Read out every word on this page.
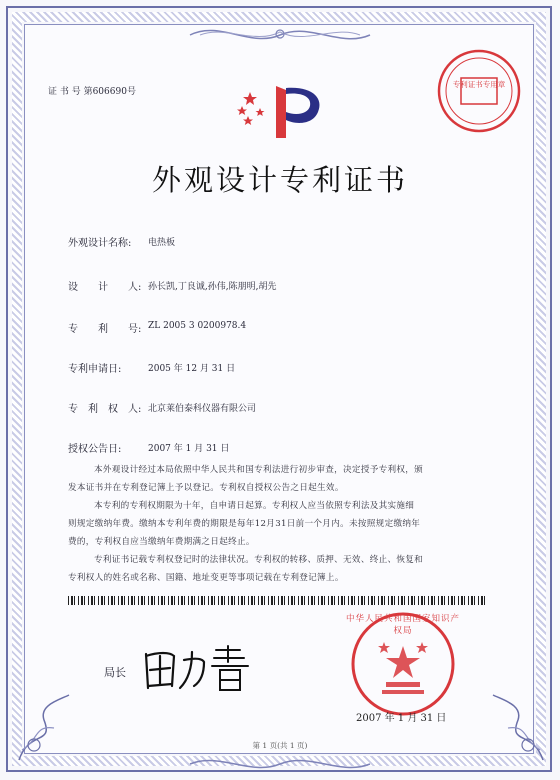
证 书 号 第606690号
专利证书专用章
外观设计专利证书
外观设计名称: 电热板
设　　计　　人: 孙长凯,丁良诚,孙伟,陈朋明,胡先
专　　利　　号: ZL 2005 3 0200978.4
专利申请日:	2005 年 12 月 31 日
专　利　权　人: 北京莱伯泰科仪器有限公司
授权公告日:	2007 年 1 月 31 日
本外观设计经过本局依照中华人民共和国专利法进行初步审查，决定授予专利权，颁
发本证书并在专利登记簿上予以登记。专利权自授权公告之日起生效。
本专利的专利权期限为十年，自申请日起算。专利权人应当依照专利法及其实施细
则规定缴纳年费。缴纳本专利年费的期限是每年12月31日前一个月内。未按照规定缴纳年
费的，专利权自应当缴纳年费期满之日起终止。
专利证书记载专利权登记时的法律状况。专利权的转移、质押、无效、终止、恢复和
专利权人的姓名或名称、国籍、地址变更等事项记载在专利登记簿上。
局长
中华人民共和国国家知识产权局
2007 年 1 月 31 日
第 1 页(共 1 页)
